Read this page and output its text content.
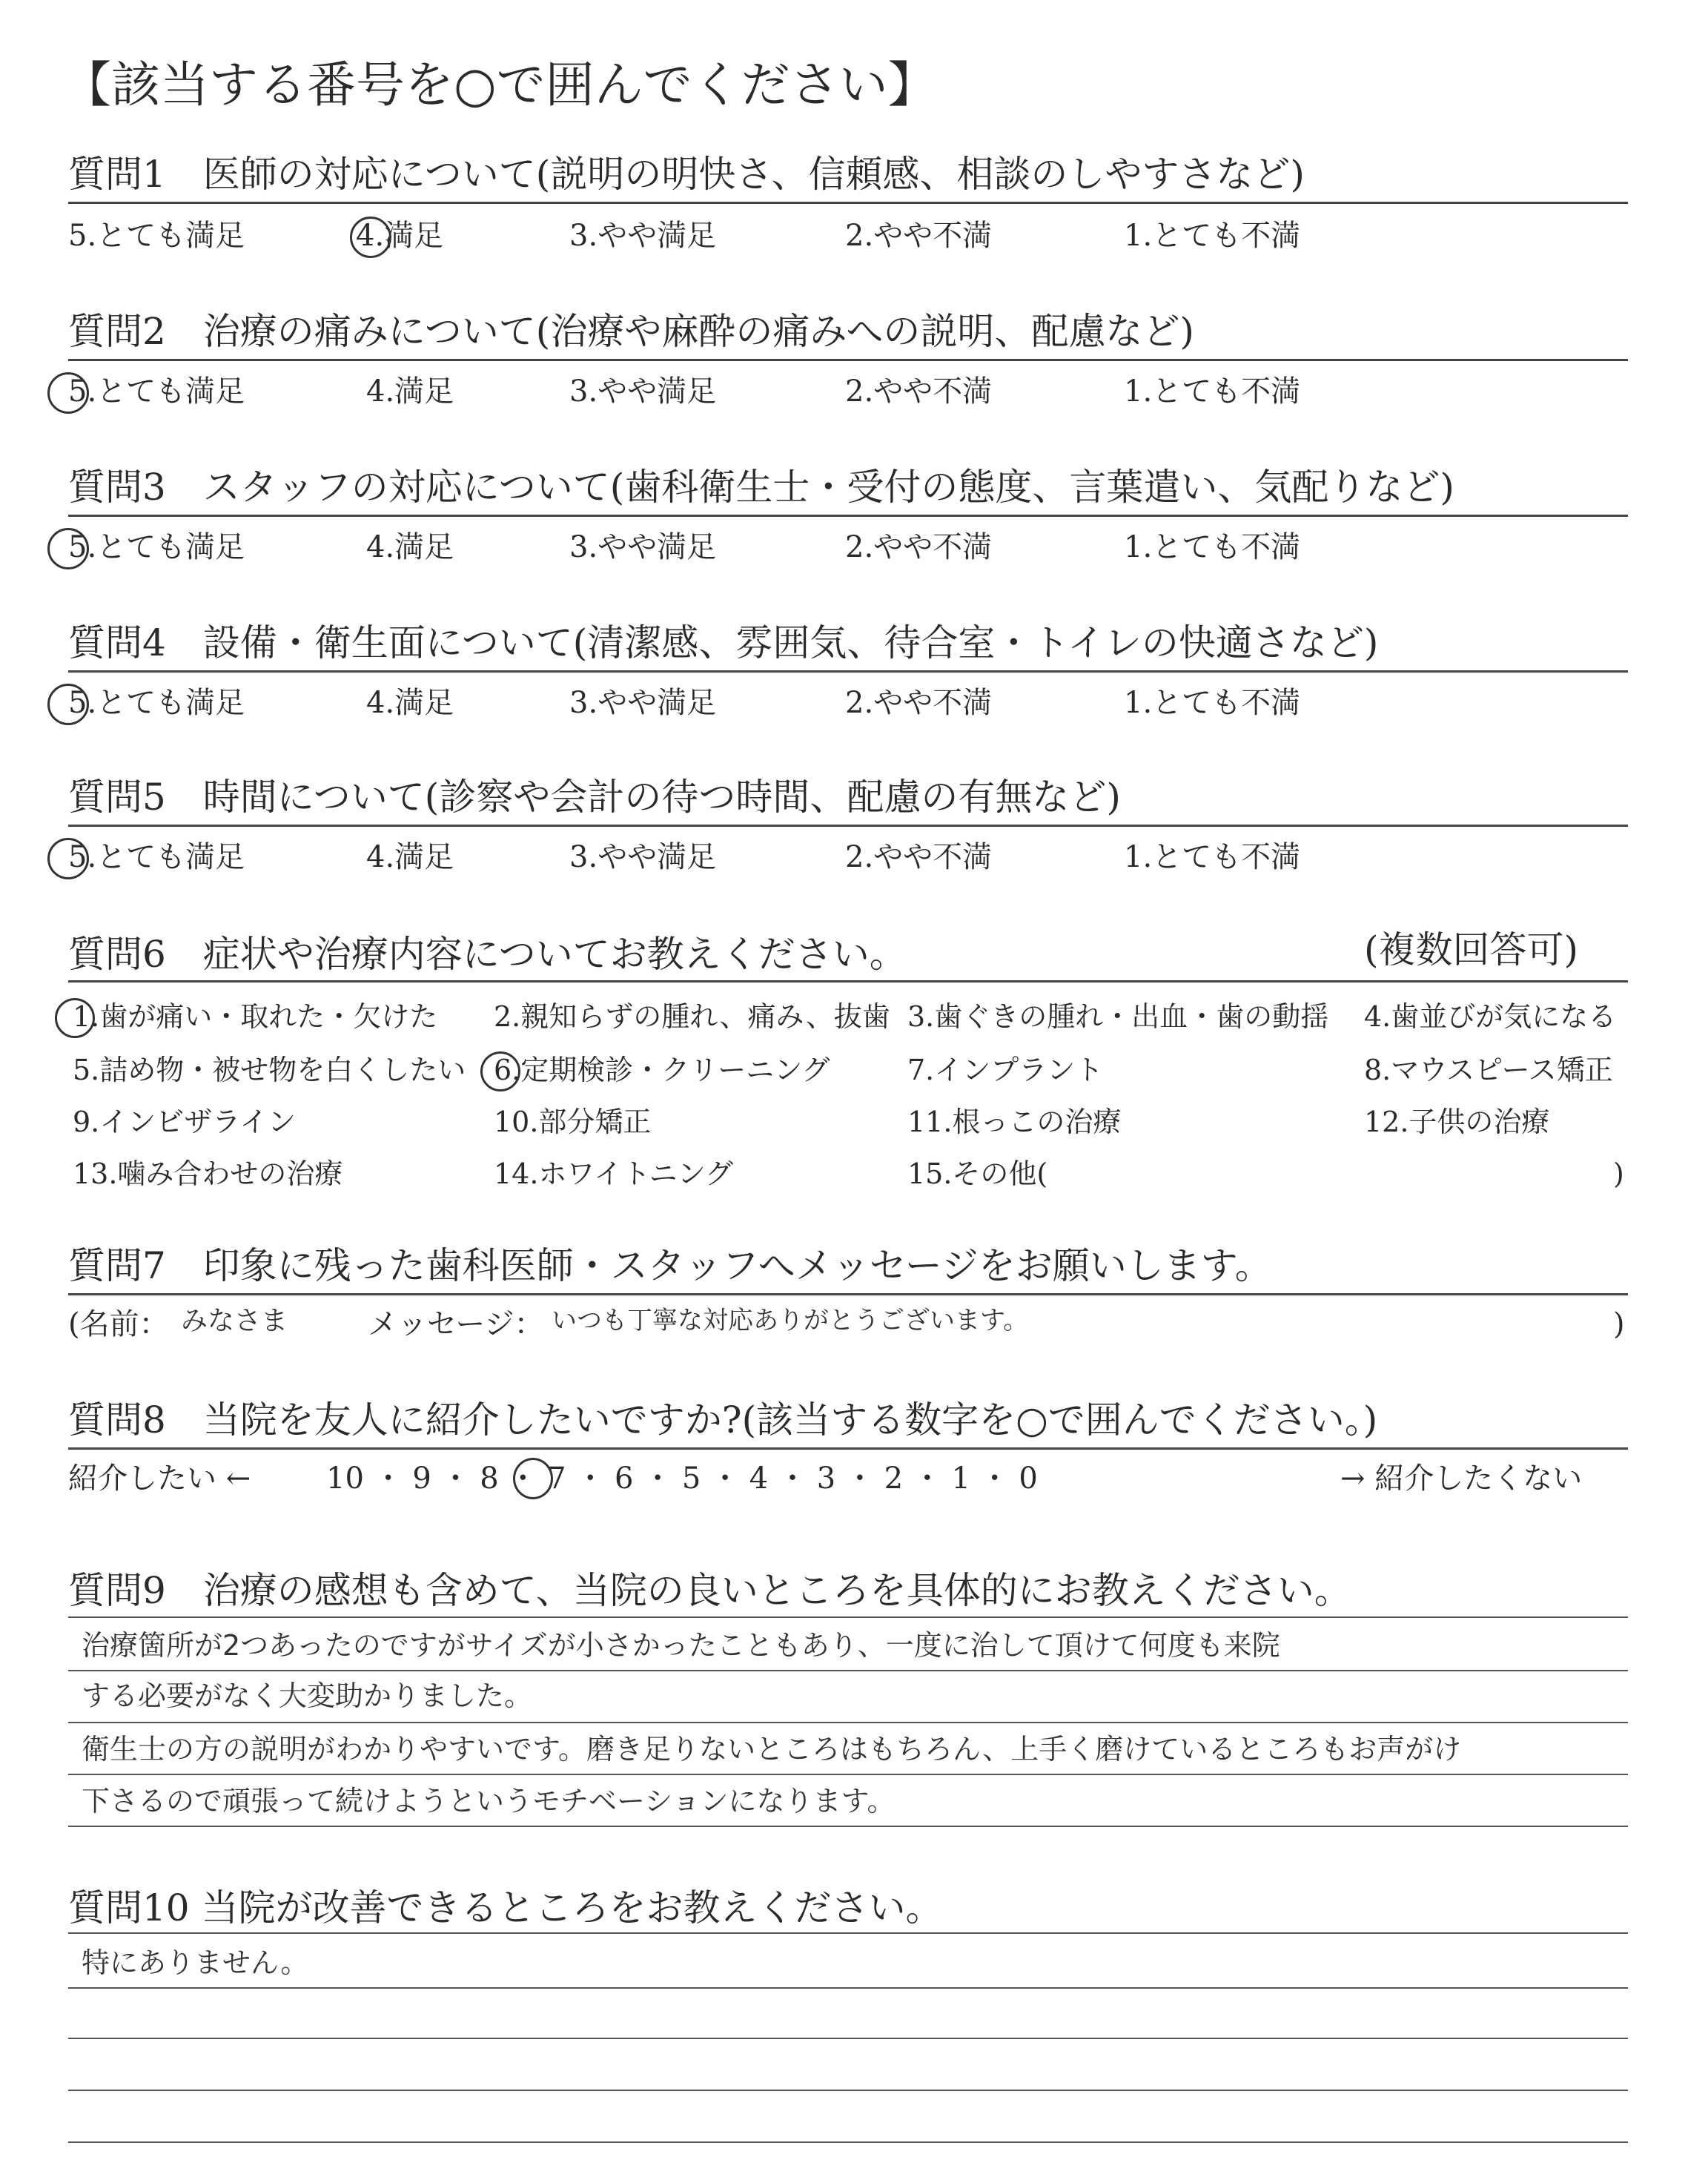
【該当する番号を○で囲んでください】
質問1　医師の対応について(説明の明快さ、信頼感、相談のしやすさなど)
5.とても満足	4.満足	3.やや満足	2.やや不満	1.とても不満
質問2　治療の痛みについて(治療や麻酔の痛みへの説明、配慮など)
5.とても満足	4.満足	3.やや満足	2.やや不満	1.とても不満
質問3　スタッフの対応について(歯科衛生士・受付の態度、言葉遣い、気配りなど)
5.とても満足	4.満足	3.やや満足	2.やや不満	1.とても不満
質問4　設備・衛生面について(清潔感、雰囲気、待合室・トイレの快適さなど)
5.とても満足	4.満足	3.やや満足	2.やや不満	1.とても不満
質問5　時間について(診察や会計の待つ時間、配慮の有無など)
5.とても満足	4.満足	3.やや満足	2.やや不満	1.とても不満
質問6　症状や治療内容についてお教えください。	(複数回答可)
1.歯が痛い・取れた・欠けた 2.親知らずの腫れ、痛み、抜歯 3.歯ぐきの腫れ・出血・歯の動揺 4.歯並びが気になる
5.詰め物・被せ物を白くしたい 6.定期検診・クリーニング	7.インプラント	8.マウスピース矯正
9.インビザライン	10.部分矯正	11.根っこの治療	12.子供の治療
13.噛み合わせの治療	14.ホワイトニング	15.その他(	)
質問7　印象に残った歯科医師・スタッフへメッセージをお願いします。
(名前： みなさま	メッセージ： いつも丁寧な対応ありがとうございます。	)
質問8　当院を友人に紹介したいですか?(該当する数字を○で囲んでください。)
紹介したい ←	10 ・ 9 ・ 8 ・ 7 ・ 6 ・ 5 ・ 4 ・ 3 ・ 2 ・ 1 ・ 0	→ 紹介したくない
質問9　治療の感想も含めて、当院の良いところを具体的にお教えください。
治療箇所が2つあったのですがサイズが小さかったこともあり、一度に治して頂けて何度も来院
する必要がなく大変助かりました。
衛生士の方の説明がわかりやすいです。磨き足りないところはもちろん、上手く磨けているところもお声がけ
下さるので頑張って続けようというモチベーションになります。
質問10 当院が改善できるところをお教えください。
特にありません。
